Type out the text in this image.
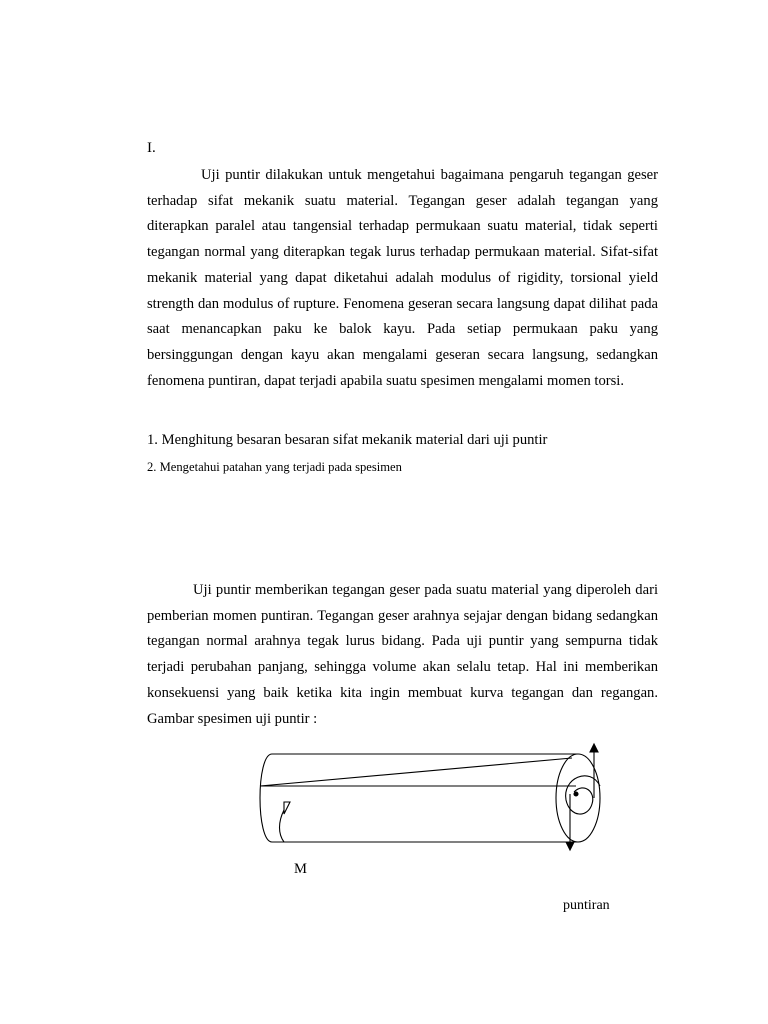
I.

Uji puntir dilakukan untuk mengetahui bagaimana pengaruh tegangan geser terhadap sifat mekanik suatu material. Tegangan geser adalah tegangan yang diterapkan paralel atau tangensial terhadap permukaan suatu material, tidak seperti tegangan normal yang diterapkan tegak lurus terhadap permukaan material. Sifat-sifat mekanik material yang dapat diketahui adalah modulus of rigidity, torsional yield strength dan modulus of rupture. Fenomena geseran secara langsung dapat dilihat pada saat menancapkan paku ke balok kayu. Pada setiap permukaan paku yang bersinggungan dengan kayu akan mengalami geseran secara langsung, sedangkan fenomena puntiran, dapat terjadi apabila suatu spesimen mengalami momen torsi.

1. Menghitung besaran besaran sifat mekanik material dari uji puntir
2. Mengetahui patahan yang terjadi pada spesimen

Uji puntir memberikan tegangan geser pada suatu material yang diperoleh dari pemberian momen puntiran. Tegangan geser arahnya sejajar dengan bidang sedangkan tegangan normal arahnya tegak lurus bidang. Pada uji puntir yang sempurna tidak terjadi perubahan panjang, sehingga volume akan selalu tetap. Hal ini memberikan konsekuensi yang baik ketika kita ingin membuat kurva tegangan dan regangan. Gambar spesimen uji puntir :

M
puntiran
